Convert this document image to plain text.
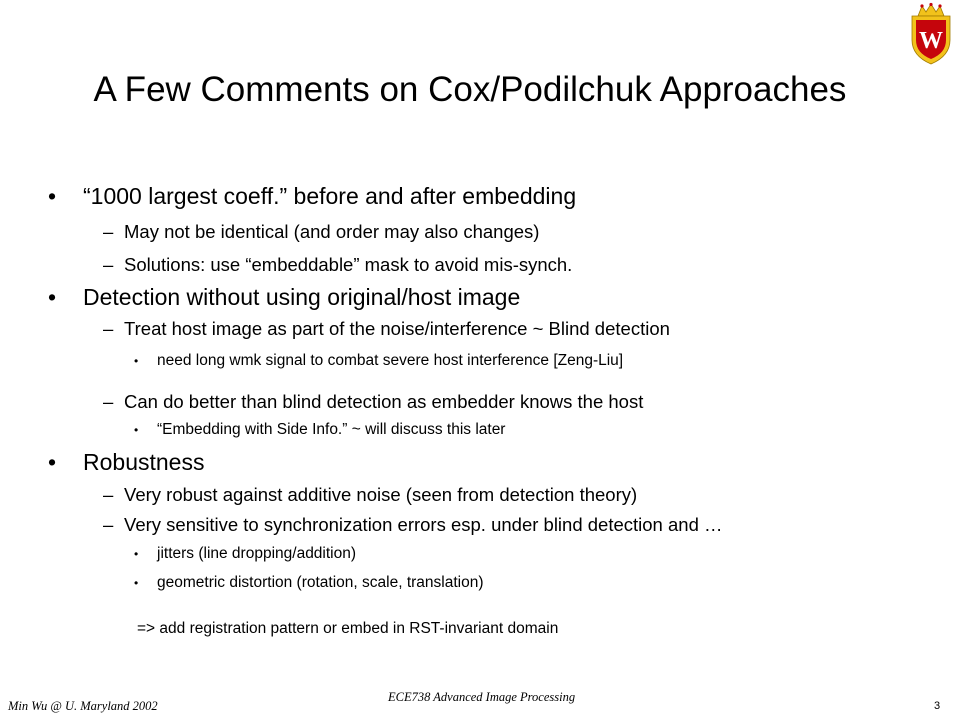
A Few Comments on Cox/Podilchuk Approaches
W
• “1000 largest coeff.” before and after embedding
– May not be identical (and order may also changes)
– Solutions: use “embeddable” mask to avoid mis-synch.
• Detection without using original/host image
– Treat host image as part of the noise/interference ~ Blind detection
• need long wmk signal to combat severe host interference [Zeng-Liu]
– Can do better than blind detection as embedder knows the host
• “Embedding with Side Info.” ~ will discuss this later
• Robustness
– Very robust against additive noise (seen from detection theory)
– Very sensitive to synchronization errors esp. under blind detection and …
• jitters (line dropping/addition)
• geometric distortion (rotation, scale, translation)
=> add registration pattern or embed in RST-invariant domain
Min Wu @ U. Maryland 2002
ECE738 Advanced Image Processing
3
